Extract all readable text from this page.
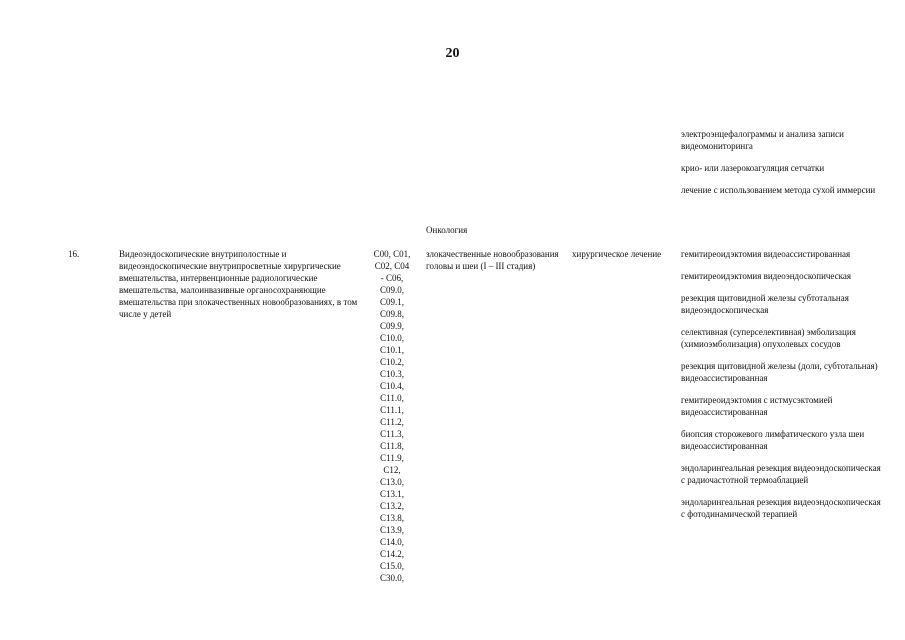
20

электроэнцефалограммы и анализа записи видеомониторинга

крио- или лазерокоагуляция сетчатки

лечение с использованием метода сухой иммерсии

Онкология
16.	Видеоэндоскопические внутриполостные и видеоэндоскопические внутрипросветные хирургические вмешательства, интервенционные радиологические вмешательства, малоинвазивные органосохраняющие вмешательства при злокачественных новообразованиях, в том числе у детей
C00, C01,
C02, C04
- C06,
C09.0,
C09.1,
C09.8,
C09.9,
C10.0,
C10.1,
C10.2,
C10.3,
C10.4,
C11.0,
C11.1,
C11.2,
C11.3,
C11.8,
C11.9,
C12,
C13.0,
C13.1,
C13.2,
C13.8,
C13.9,
C14.0,
C14.2,
C15.0,
C30.0,
злокачественные новообразования головы и шеи (I – III стадия)
хирургическое лечение	гемитиреоидэктомия видеоассистированная

гемитиреоидэктомия видеоэндоскопическая

резекция щитовидной железы субтотальная видеоэндоскопическая

селективная (суперселективная) эмболизация (химиоэмболизация) опухолевых сосудов

резекция щитовидной железы (доли, субтотальная) видеоассистированная

гемитиреоидэктомия с истмусэктомией видеоассистированная

биопсия сторожевого лимфатического узла шеи видеоассистированная

эндоларингеальная резекция видеоэндоскопическая с радиочастотной термоаблацией

эндоларингеальная резекция видеоэндоскопическая с фотодинамической терапией
